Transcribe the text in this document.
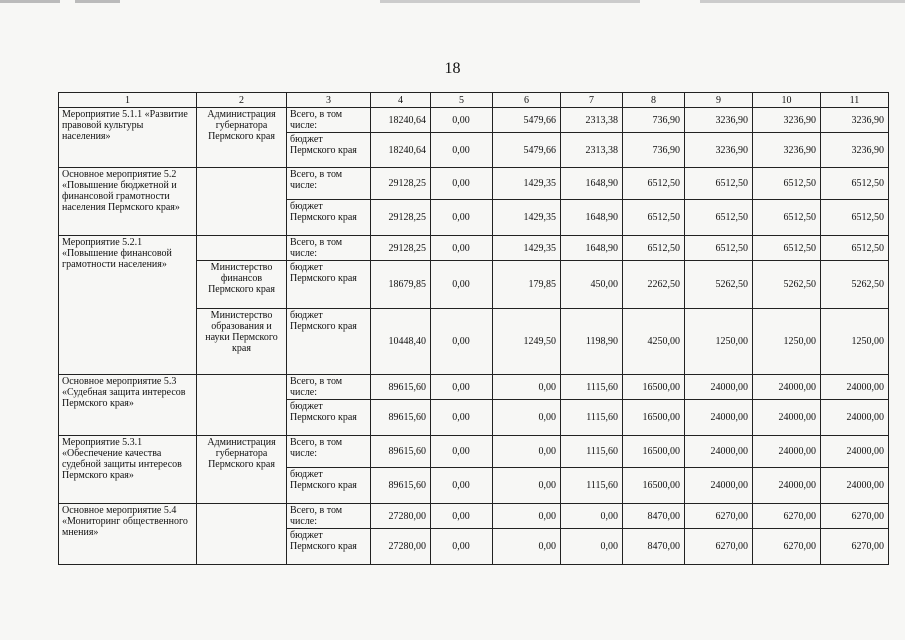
18
1	2	3	4	5	6	7	8	9	10	11
Мероприятие 5.1.1 «Развитие правовой культуры населения»	Администрация губернатора Пермского края	Всего, в том числе:	18240,64	0,00	5479,66	2313,38	736,90	3236,90	3236,90	3236,90
		бюджет Пермского края	18240,64	0,00	5479,66	2313,38	736,90	3236,90	3236,90	3236,90
Основное мероприятие 5.2 «Повышение бюджетной и финансовой грамотности населения Пермского края»		Всего, в том числе:	29128,25	0,00	1429,35	1648,90	6512,50	6512,50	6512,50	6512,50
		бюджет Пермского края	29128,25	0,00	1429,35	1648,90	6512,50	6512,50	6512,50	6512,50
Мероприятие 5.2.1 «Повышение финансовой грамотности населения»		Всего, в том числе:	29128,25	0,00	1429,35	1648,90	6512,50	6512,50	6512,50	6512,50
	Министерство финансов Пермского края	бюджет Пермского края	18679,85	0,00	179,85	450,00	2262,50	5262,50	5262,50	5262,50
	Министерство образования и науки Пермского края	бюджет Пермского края	10448,40	0,00	1249,50	1198,90	4250,00	1250,00	1250,00	1250,00
Основное мероприятие 5.3 «Судебная защита интересов Пермского края»		Всего, в том числе:	89615,60	0,00	0,00	1115,60	16500,00	24000,00	24000,00	24000,00
		бюджет Пермского края	89615,60	0,00	0,00	1115,60	16500,00	24000,00	24000,00	24000,00
Мероприятие 5.3.1 «Обеспечение качества судебной защиты интересов Пермского края»	Администрация губернатора Пермского края	Всего, в том числе:	89615,60	0,00	0,00	1115,60	16500,00	24000,00	24000,00	24000,00
		бюджет Пермского края	89615,60	0,00	0,00	1115,60	16500,00	24000,00	24000,00	24000,00
Основное мероприятие 5.4 «Мониторинг общественного мнения»		Всего, в том числе:	27280,00	0,00	0,00	0,00	8470,00	6270,00	6270,00	6270,00
		бюджет Пермского края	27280,00	0,00	0,00	0,00	8470,00	6270,00	6270,00	6270,00
